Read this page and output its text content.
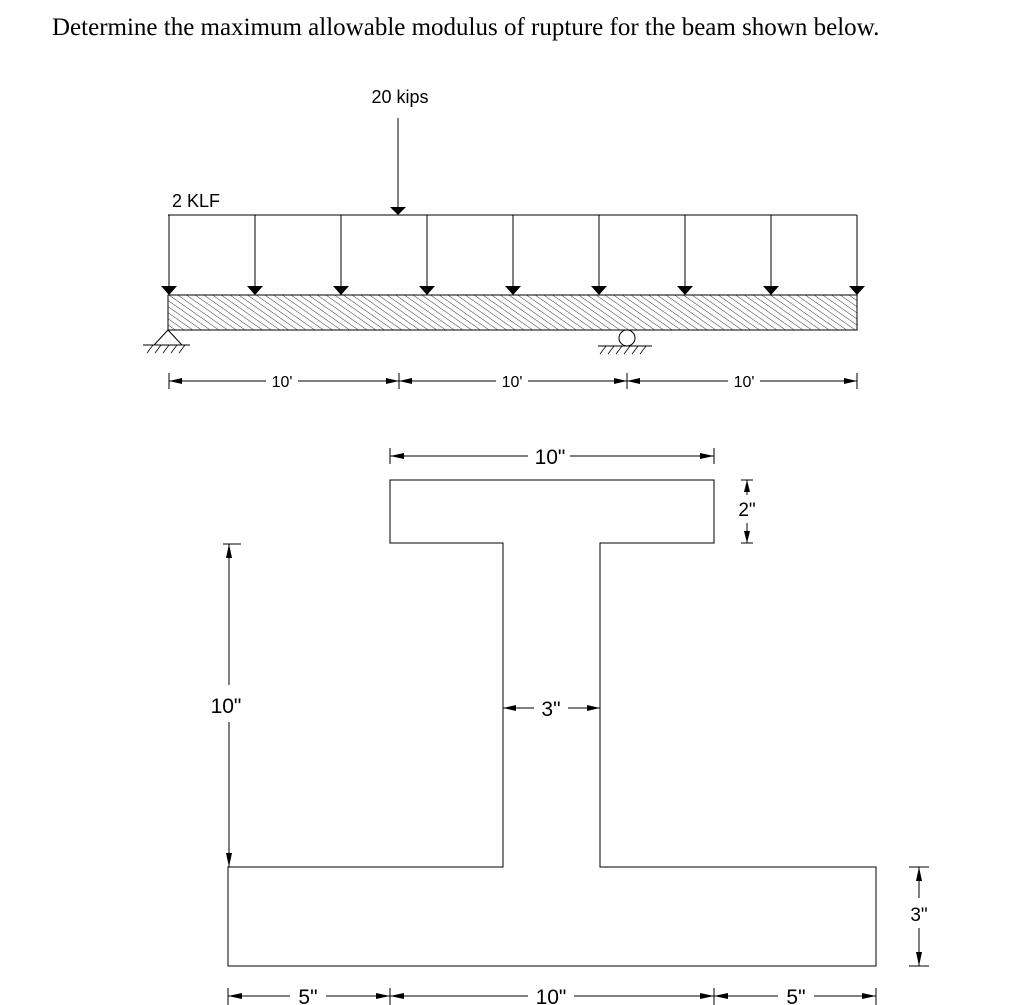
Determine the maximum allowable modulus of rupture for the beam shown below.
20 kips
2 KLF
10'	10'	10'
10"
2"
3"
10"
3"
5"	10"	5"
